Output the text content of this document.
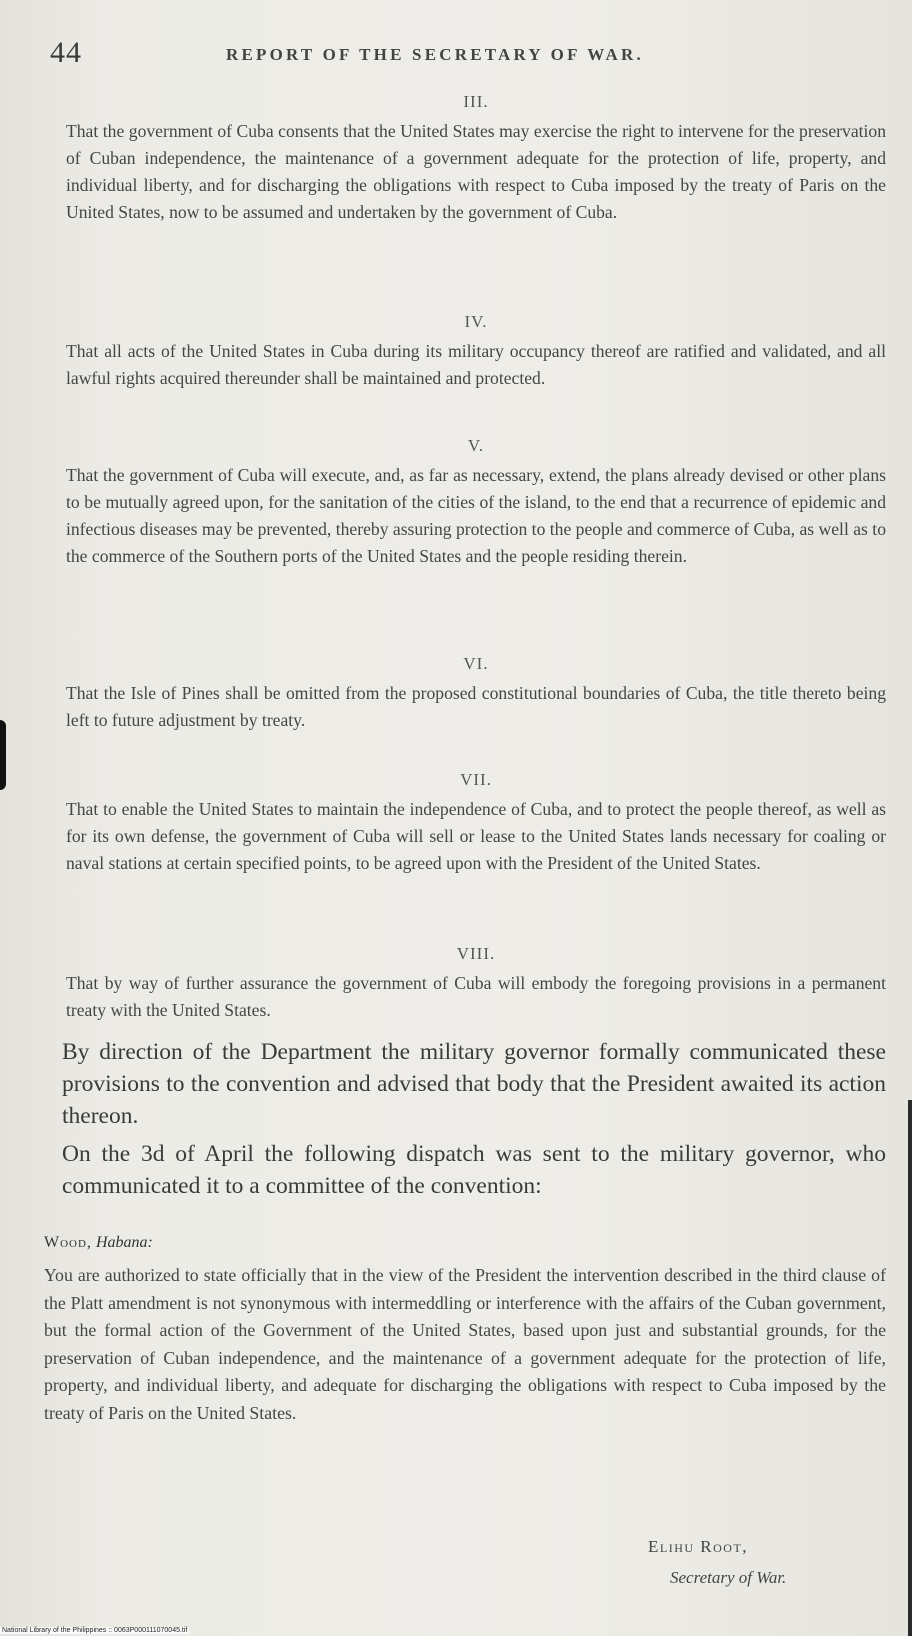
44	REPORT OF THE SECRETARY OF WAR.

III.

That the government of Cuba consents that the United States may exercise the right to intervene for the preservation of Cuban independence, the maintenance of a government adequate for the protection of life, property, and individual liberty, and for discharging the obligations with respect to Cuba imposed by the treaty of Paris on the United States, now to be assumed and undertaken by the government of Cuba.

IV.

That all acts of the United States in Cuba during its military occupancy thereof are ratified and validated, and all lawful rights acquired thereunder shall be maintained and protected.

V.

That the government of Cuba will execute, and, as far as necessary, extend, the plans already devised or other plans to be mutually agreed upon, for the sanitation of the cities of the island, to the end that a recurrence of epidemic and infectious diseases may be prevented, thereby assuring protection to the people and commerce of Cuba, as well as to the commerce of the Southern ports of the United States and the people residing therein.

VI.

That the Isle of Pines shall be omitted from the proposed constitutional boundaries of Cuba, the title thereto being left to future adjustment by treaty.

VII.

That to enable the United States to maintain the independence of Cuba, and to protect the people thereof, as well as for its own defense, the government of Cuba will sell or lease to the United States lands necessary for coaling or naval stations at certain specified points, to be agreed upon with the President of the United States.

VIII.

That by way of further assurance the government of Cuba will embody the foregoing provisions in a permanent treaty with the United States.

By direction of the Department the military governor formally communicated these provisions to the convention and advised that body that the President awaited its action thereon.

On the 3d of April the following dispatch was sent to the military governor, who communicated it to a committee of the convention:

Wood, Habana:

You are authorized to state officially that in the view of the President the intervention described in the third clause of the Platt amendment is not synonymous with intermeddling or interference with the affairs of the Cuban government, but the formal action of the Government of the United States, based upon just and substantial grounds, for the preservation of Cuban independence, and the maintenance of a government adequate for the protection of life, property, and individual liberty, and adequate for discharging the obligations with respect to Cuba imposed by the treaty of Paris on the United States.

Elihu Root,
Secretary of War.
National Library of the Philippines :: 0063P000111070045.tif
